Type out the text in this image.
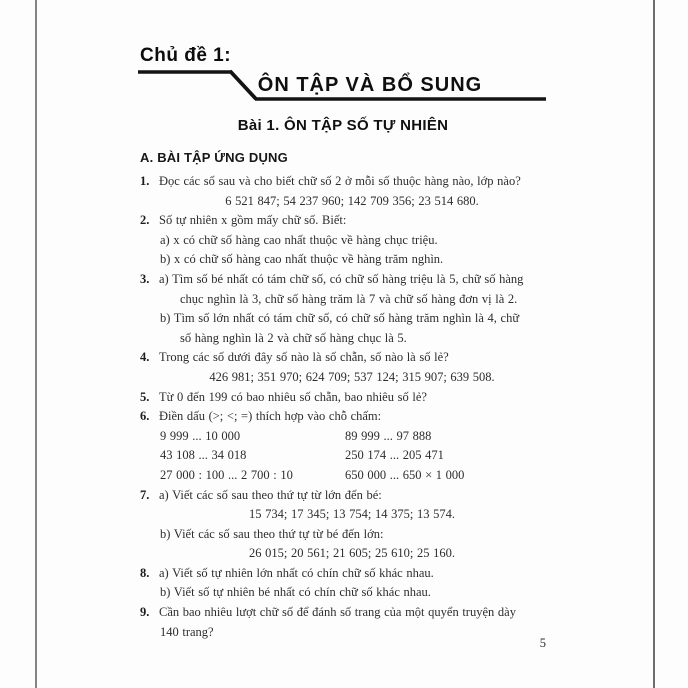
Chủ đề 1:
ÔN TẬP VÀ BỔ SUNG
Bài 1. ÔN TẬP SỐ TỰ NHIÊN
A. BÀI TẬP ỨNG DỤNG
1. Đọc các số sau và cho biết chữ số 2 ở mỗi số thuộc hàng nào, lớp nào?
6 521 847; 54 237 960; 142 709 356; 23 514 680.
2. Số tự nhiên x gồm mấy chữ số. Biết:
a) x có chữ số hàng cao nhất thuộc về hàng chục triệu.
b) x có chữ số hàng cao nhất thuộc về hàng trăm nghìn.
3. a) Tìm số bé nhất có tám chữ số, có chữ số hàng triệu là 5, chữ số hàng
chục nghìn là 3, chữ số hàng trăm là 7 và chữ số hàng đơn vị là 2.
b) Tìm số lớn nhất có tám chữ số, có chữ số hàng trăm nghìn là 4, chữ
số hàng nghìn là 2 và chữ số hàng chục là 5.
4. Trong các số dưới đây số nào là số chẵn, số nào là số lẻ?
426 981; 351 970; 624 709; 537 124; 315 907; 639 508.
5. Từ 0 đến 199 có bao nhiêu số chẵn, bao nhiêu số lẻ?
6. Điền dấu (>; <; =) thích hợp vào chỗ chấm:
9 999 ... 10 000	89 999 ... 97 888
43 108 ... 34 018	250 174 ... 205 471
27 000 : 100 ... 2 700 : 10	650 000 ... 650 × 1 000
7. a) Viết các số sau theo thứ tự từ lớn đến bé:
15 734; 17 345; 13 754; 14 375; 13 574.
b) Viết các số sau theo thứ tự từ bé đến lớn:
26 015; 20 561; 21 605; 25 610; 25 160.
8. a) Viết số tự nhiên lớn nhất có chín chữ số khác nhau.
b) Viết số tự nhiên bé nhất có chín chữ số khác nhau.
9. Cần bao nhiêu lượt chữ số để đánh số trang của một quyển truyện dày
140 trang?
5
